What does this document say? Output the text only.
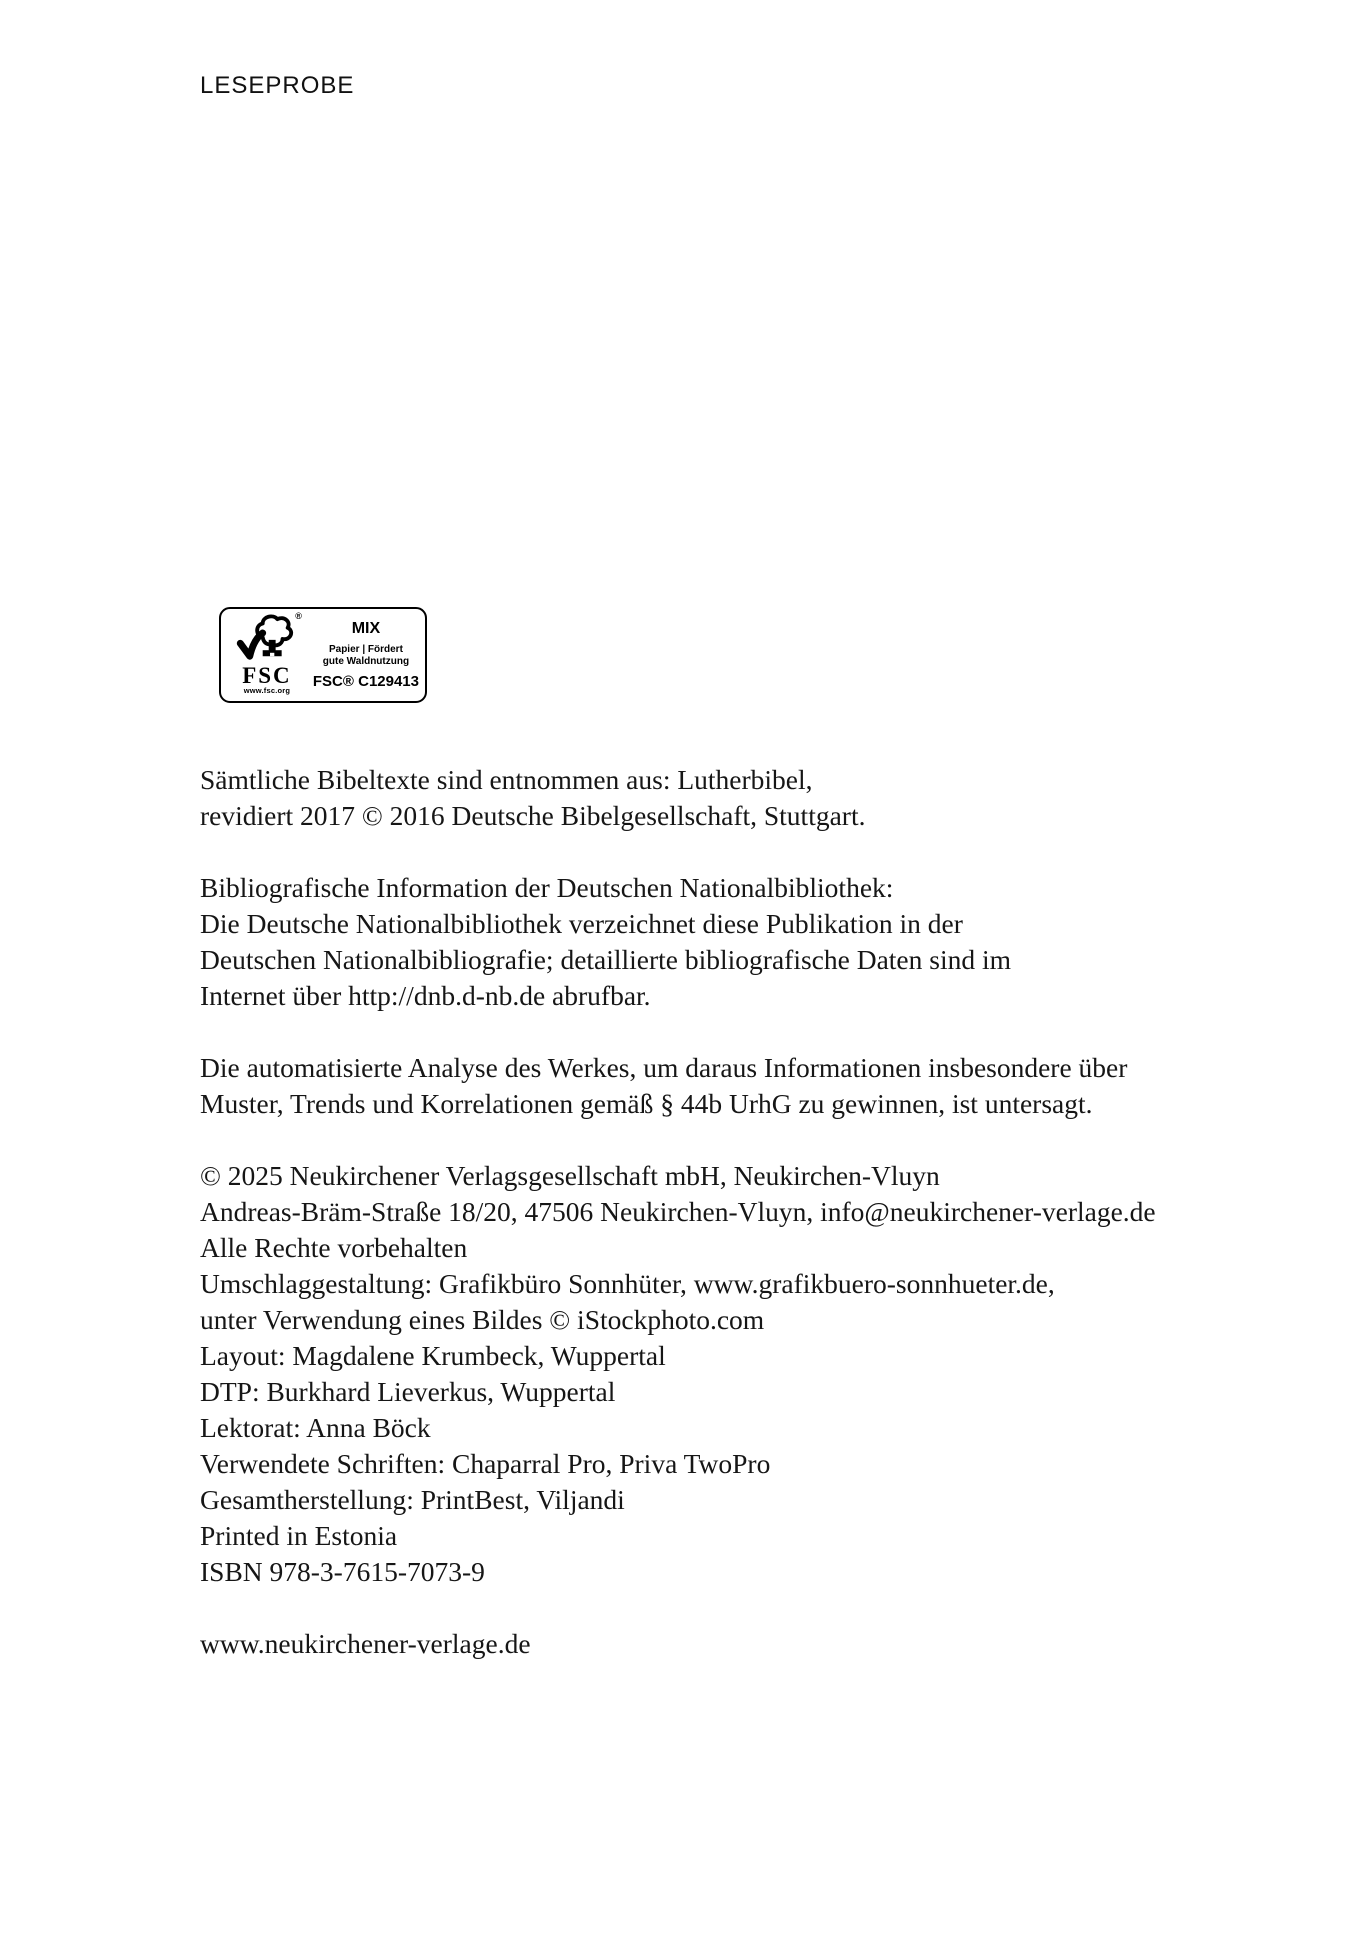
LESEPROBE
®
FSC
www.fsc.org
MIX
Papier | Fördert
gute Waldnutzung
FSC® C129413

Sämtliche Bibeltexte sind entnommen aus: Lutherbibel,
revidiert 2017 © 2016 Deutsche Bibelgesellschaft, Stuttgart.

Bibliografische Information der Deutschen Nationalbibliothek:
Die Deutsche Nationalbibliothek verzeichnet diese Publikation in der
Deutschen Nationalbibliografie; detaillierte bibliografische Daten sind im
Internet über http://dnb.d-nb.de abrufbar.

Die automatisierte Analyse des Werkes, um daraus Informationen insbesondere über
Muster, Trends und Korrelationen gemäß § 44b UrhG zu gewinnen, ist untersagt.

© 2025 Neukirchener Verlagsgesellschaft mbH, Neukirchen-Vluyn
Andreas-Bräm-Straße 18/20, 47506 Neukirchen-Vluyn, info@neukirchener-verlage.de
Alle Rechte vorbehalten
Umschlaggestaltung: Grafikbüro Sonnhüter, www.grafikbuero-sonnhueter.de,
unter Verwendung eines Bildes © iStockphoto.com
Layout: Magdalene Krumbeck, Wuppertal
DTP: Burkhard Lieverkus, Wuppertal
Lektorat: Anna Böck
Verwendete Schriften: Chaparral Pro, Priva TwoPro
Gesamtherstellung: PrintBest, Viljandi
Printed in Estonia
ISBN 978-3-7615-7073-9

www.neukirchener-verlage.de
